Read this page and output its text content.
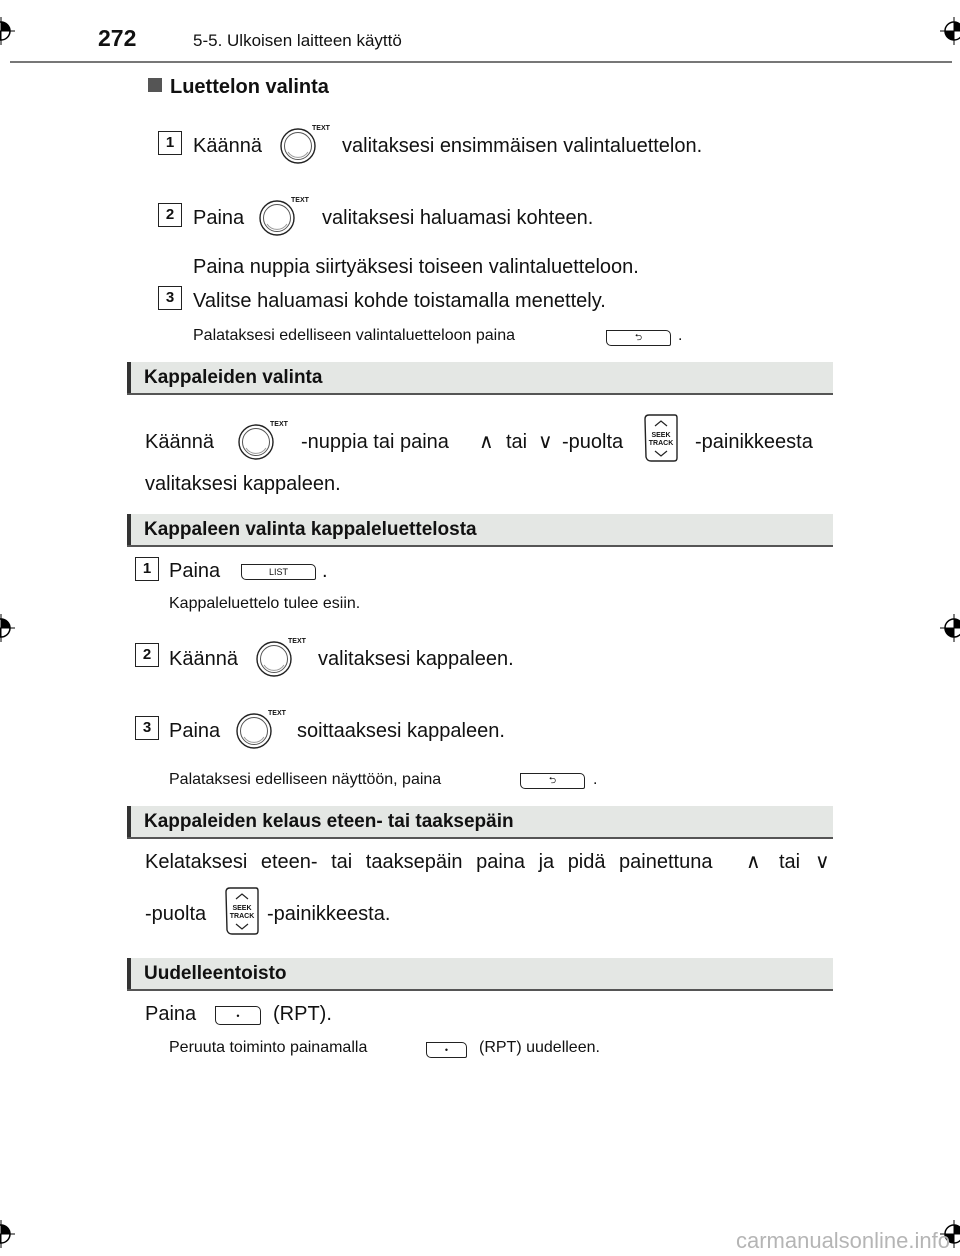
272	5-5. Ulkoisen laitteen käyttö
Luettelon valinta
1 Käännä
TEXT
valitaksesi ensimmäisen valintaluettelon.
2 Paina
TEXT
valitaksesi haluamasi kohteen.
Paina nuppia siirtyäksesi toiseen valintaluetteloon.
3 Valitse haluamasi kohde toistamalla menettely.
Palataksesi edelliseen valintaluetteloon paina	⮌ .
Kappaleiden valinta
Käännä
TEXT
-nuppia tai paina ∧ tai ∨ -puolta	SEEK
TRACK -painikkeesta
valitaksesi kappaleen.
Kappaleen valinta kappaleluettelosta
1 Paina	LIST .
Kappaleluettelo tulee esiin.
2 Käännä
TEXT
valitaksesi kappaleen.
3 Paina
TEXT
soittaaksesi kappaleen.
Palataksesi edelliseen näyttöön, paina	⮌ .
Kappaleiden kelaus eteen- tai taaksepäin
Kelataksesi eteen- tai taaksepäin paina ja pidä painettuna ∧ tai ∨
-puolta	SEEK
TRACK -painikkeesta.
Uudelleentoisto
Paina	• (RPT).
Peruuta toiminto painamalla	• (RPT) uudelleen.
carmanualsonline.info
